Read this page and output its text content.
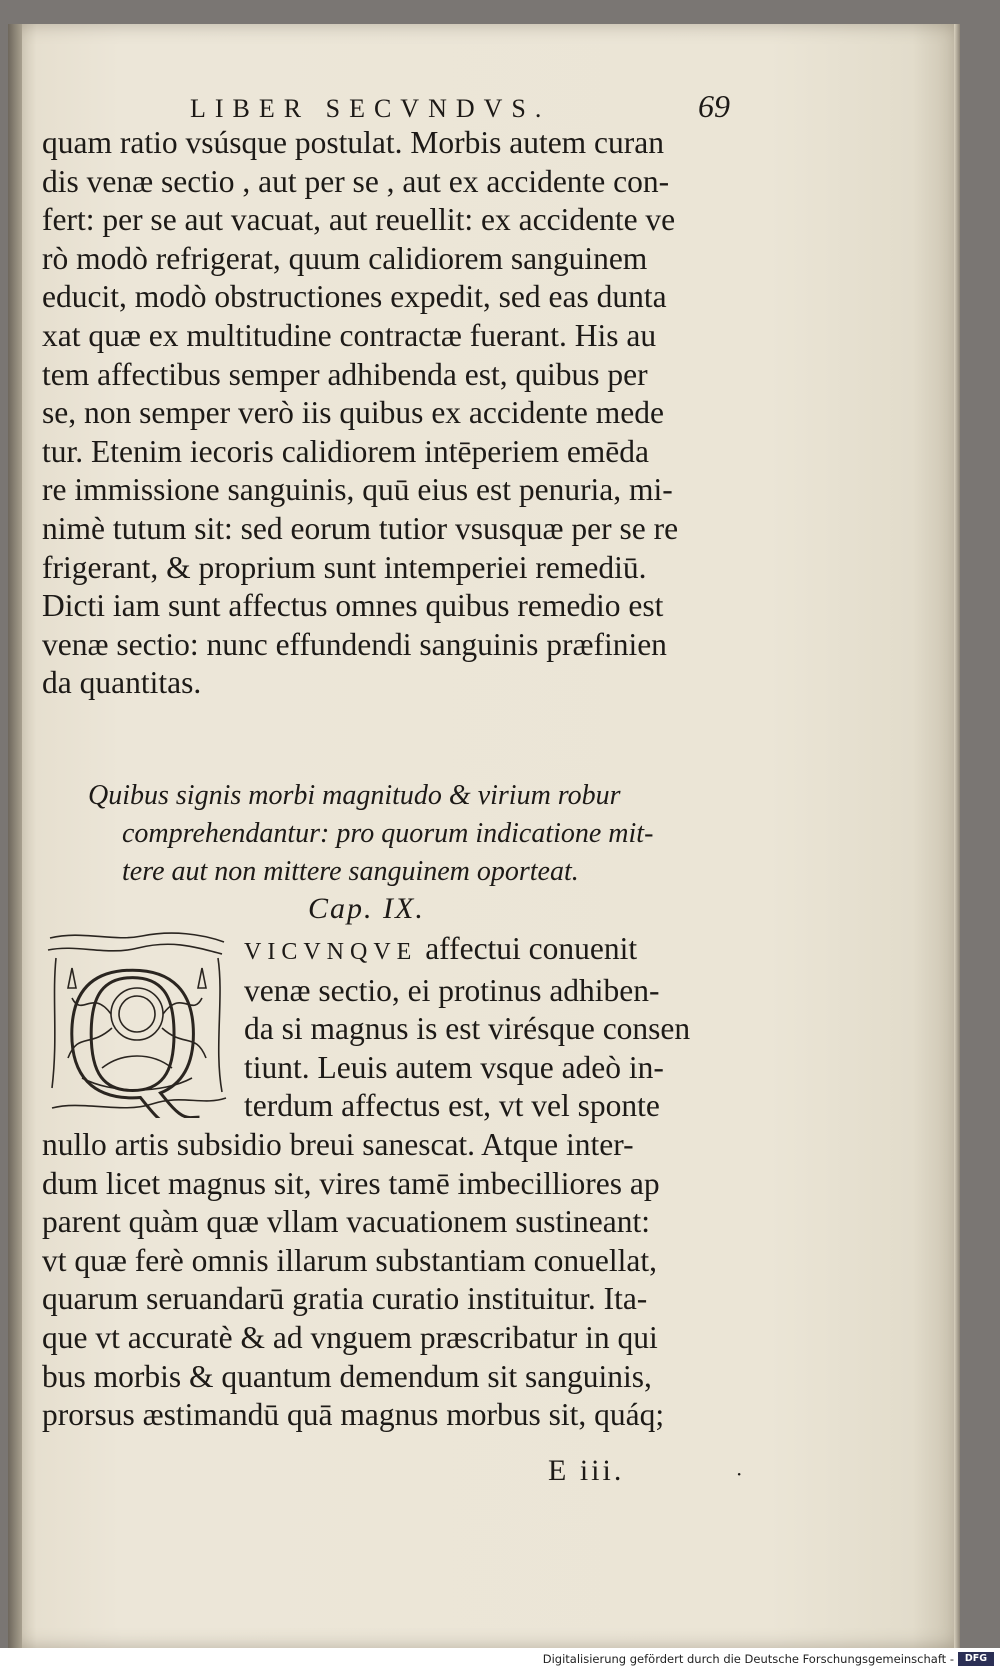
LIBER SECVNDVS.	69
quam ratio vsúsque postulat. Morbis autem curan
dis venæ sectio , aut per se , aut ex accidente con-
fert: per se aut vacuat, aut reuellit: ex accidente ve
rò modò refrigerat, quum calidiorem sanguinem
educit, modò obstructiones expedit, sed eas dunta
xat quæ ex multitudine contractæ fuerant. His au
tem affectibus semper adhibenda est, quibus per
se, non semper verò iis quibus ex accidente mede
tur. Etenim iecoris calidiorem intēperiem emēda
re immissione sanguinis, quū eius est penuria, mi-
nimè tutum sit: sed eorum tutior vsusquæ per se re
frigerant, & proprium sunt intemperiei remediū.
Dicti iam sunt affectus omnes quibus remedio est
venæ sectio: nunc effundendi sanguinis præfinien
da quantitas.
Quibus signis morbi magnitudo & virium robur
comprehendantur: pro quorum indicatione mit-
tere aut non mittere sanguinem oporteat.
Cap. IX.
Q VICVNQVE affectui conuenit
venæ sectio, ei protinus adhiben-
da si magnus is est virésque consen
tiunt. Leuis autem vsque adeò in-
terdum affectus est, vt vel sponte
nullo artis subsidio breui sanescat. Atque inter-
dum licet magnus sit, vires tamē imbecilliores ap
parent quàm quæ vllam vacuationem sustineant:
vt quæ ferè omnis illarum substantiam conuellat,
quarum seruandarū gratia curatio instituitur. Ita-
que vt accuratè & ad vnguem præscribatur in qui
bus morbis & quantum demendum sit sanguinis,
prorsus æstimandū quā magnus morbus sit, quáq;
E iii.	·
Digitalisierung gefördert durch die Deutsche Forschungsgemeinschaft -	DFG
